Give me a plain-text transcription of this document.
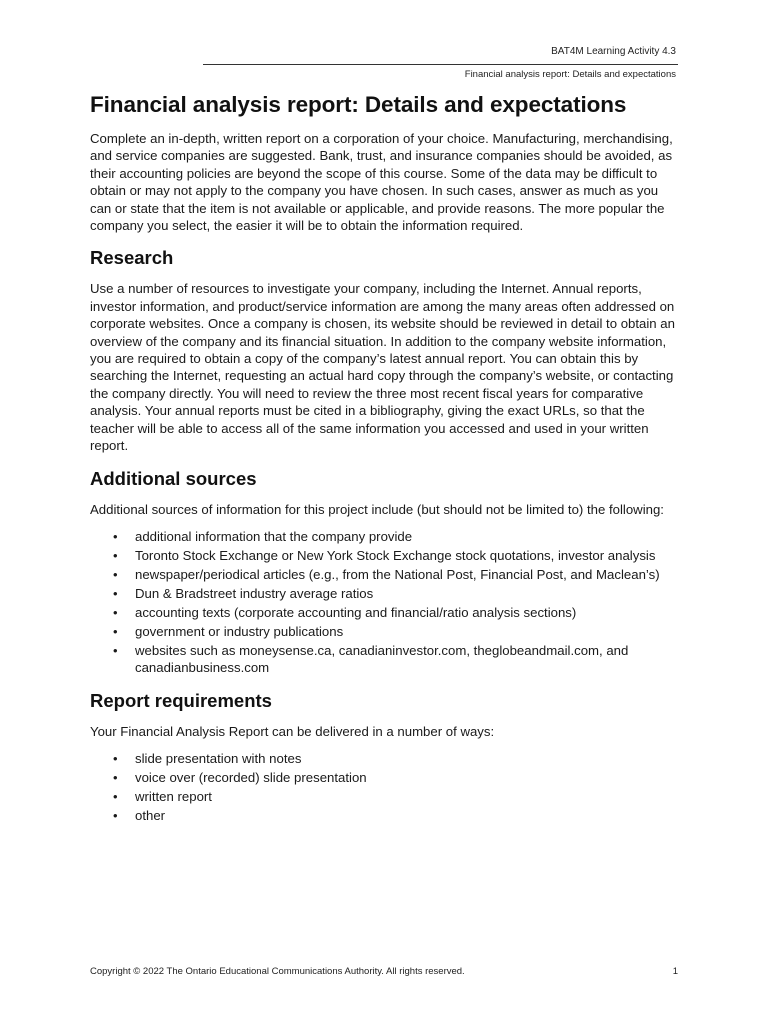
BAT4M Learning Activity 4.3
Financial analysis report: Details and expectations
Financial analysis report: Details and expectations

Complete an in-depth, written report on a corporation of your choice. Manufacturing, merchandising, and service companies are suggested. Bank, trust, and insurance companies should be avoided, as their accounting policies are beyond the scope of this course. Some of the data may be difficult to obtain or may not apply to the company you have chosen. In such cases, answer as much as you can or state that the item is not available or applicable, and provide reasons. The more popular the company you select, the easier it will be to obtain the information required.

Research

Use a number of resources to investigate your company, including the Internet. Annual reports, investor information, and product/service information are among the many areas often addressed on corporate websites. Once a company is chosen, its website should be reviewed in detail to obtain an overview of the company and its financial situation. In addition to the company website information, you are required to obtain a copy of the company’s latest annual report. You can obtain this by searching the Internet, requesting an actual hard copy through the company’s website, or contacting the company directly. You will need to review the three most recent fiscal years for comparative analysis. Your annual reports must be cited in a bibliography, giving the exact URLs, so that the teacher will be able to access all of the same information you accessed and used in your written report.

Additional sources

Additional sources of information for this project include (but should not be limited to) the following:

• additional information that the company provide
• Toronto Stock Exchange or New York Stock Exchange stock quotations, investor analysis
• newspaper/periodical articles (e.g., from the National Post, Financial Post, and Maclean’s)
• Dun & Bradstreet industry average ratios
• accounting texts (corporate accounting and financial/ratio analysis sections)
• government or industry publications
• websites such as moneysense.ca, canadianinvestor.com, theglobeandmail.com, and canadianbusiness.com
Report requirements

Your Financial Analysis Report can be delivered in a number of ways:

• slide presentation with notes
• voice over (recorded) slide presentation
• written report
• other
Copyright © 2022 The Ontario Educational Communications Authority. All rights reserved.	1
